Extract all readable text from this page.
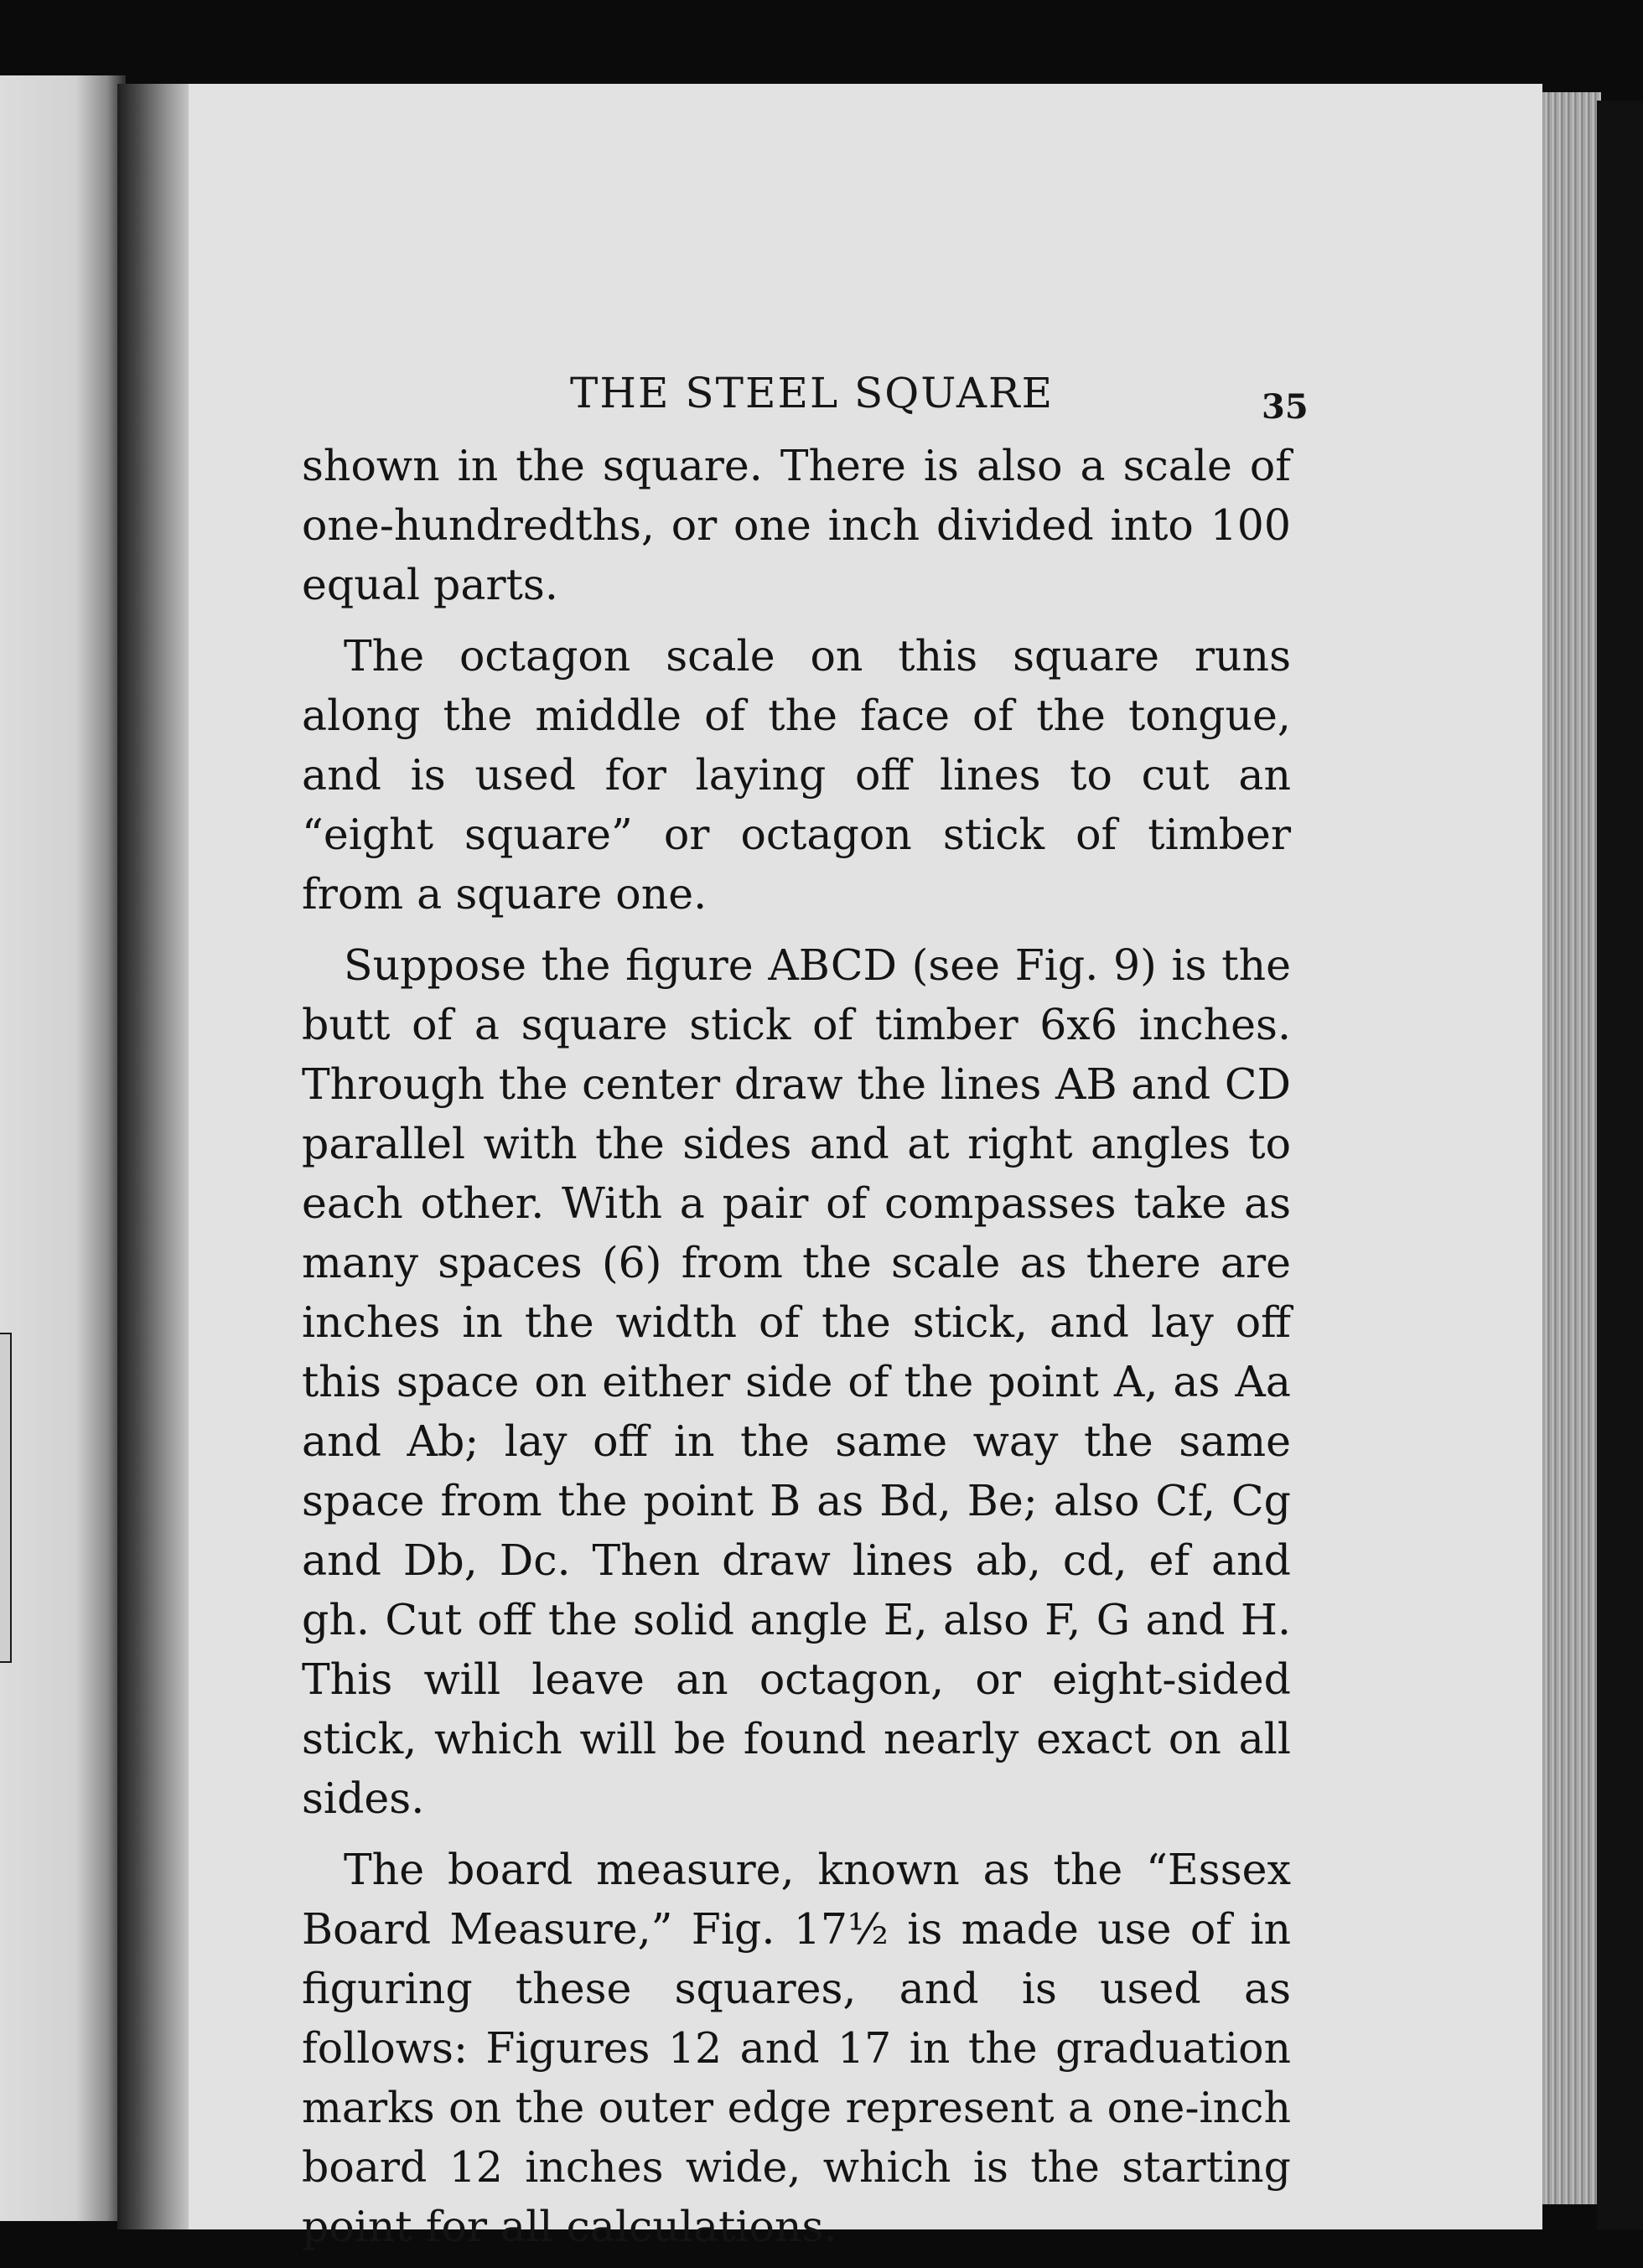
THE STEEL SQUARE	35

shown in the square. There is also a scale of one-hundredths, or one inch divided into 100 equal parts.

The octagon scale on this square runs along the middle of the face of the tongue, and is used for laying off lines to cut an “eight square” or octagon stick of timber from a square one.

Suppose the figure ABCD (see Fig. 9) is the butt of a square stick of timber 6x6 inches. Through the center draw the lines AB and CD parallel with the sides and at right angles to each other. With a pair of compasses take as many spaces (6) from the scale as there are inches in the width of the stick, and lay off this space on either side of the point A, as Aa and Ab; lay off in the same way the same space from the point B as Bd, Be; also Cf, Cg and Db, Dc. Then draw lines ab, cd, ef and gh. Cut off the solid angle E, also F, G and H. This will leave an octagon, or eight-sided stick, which will be found nearly exact on all sides.

The board measure, known as the “Essex Board Measure,” Fig. 17½ is made use of in figuring these squares, and is used as follows: Figures 12 and 17 in the graduation marks on the outer edge represent a one-inch board 12 inches wide, which is the starting point for all calculations.
